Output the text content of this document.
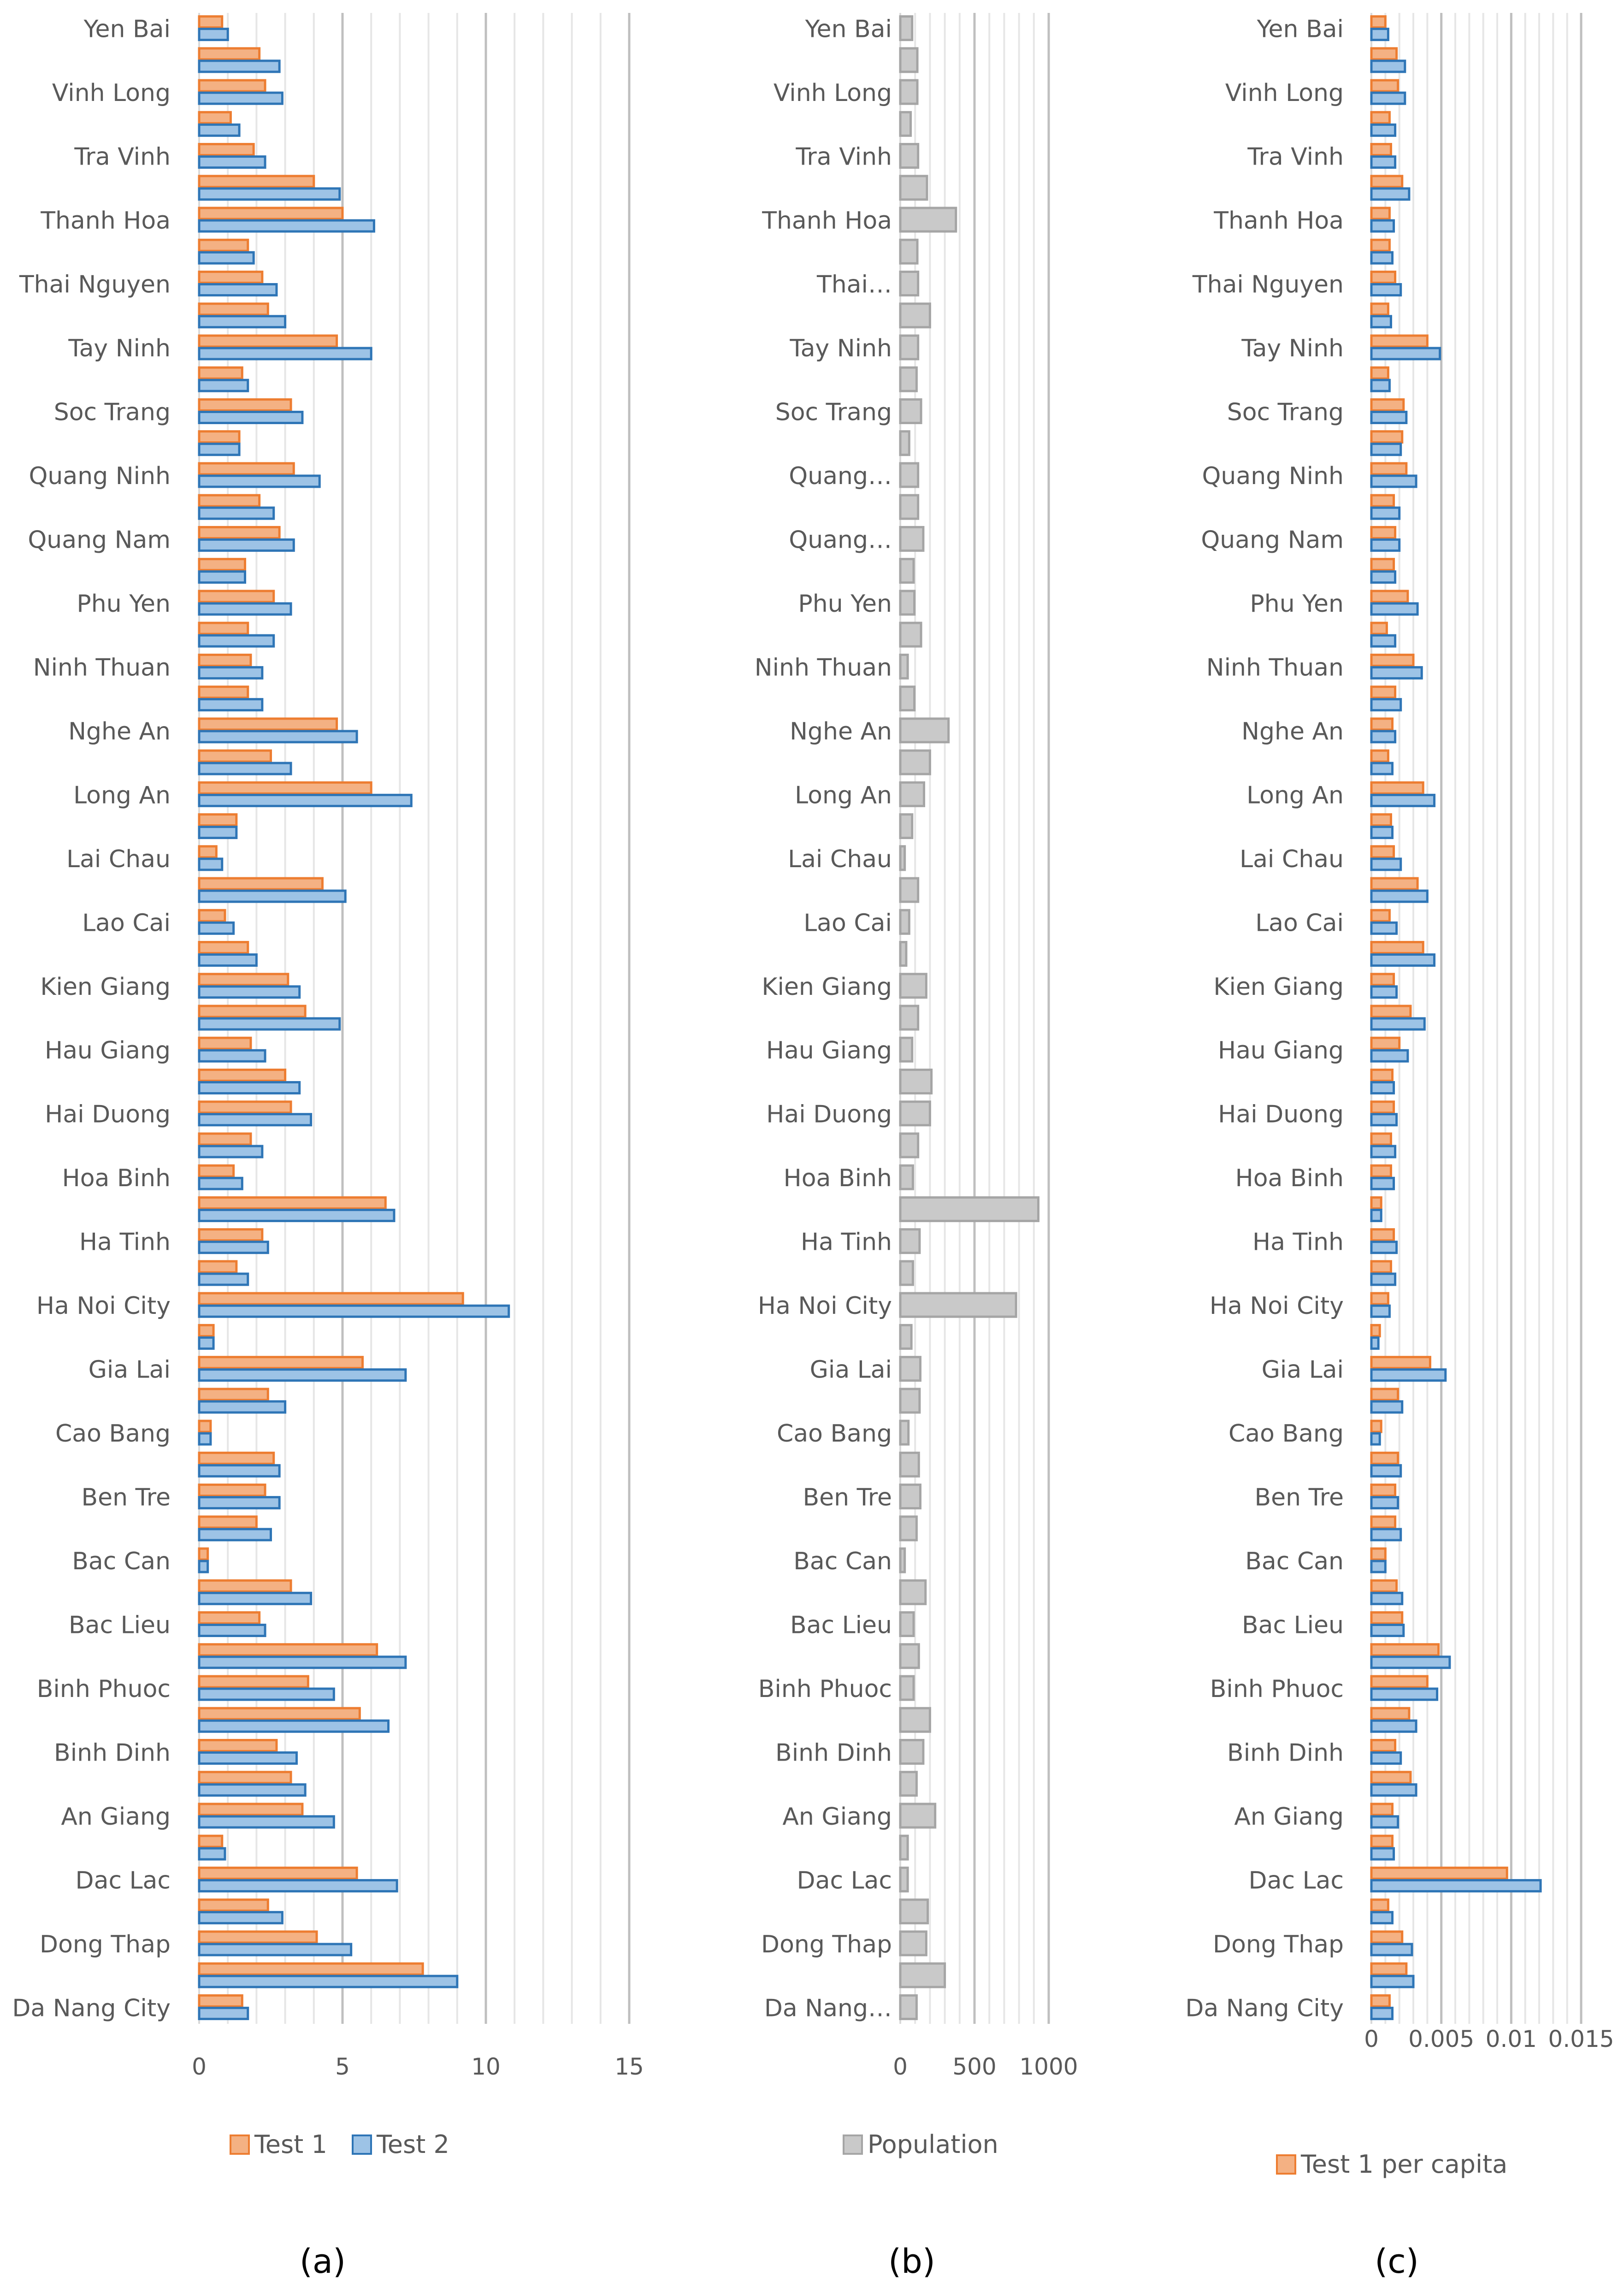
Yen Bai
Vinh Long
Tra Vinh
Thanh Hoa
Thai Nguyen
Tay Ninh
Soc Trang
Quang Ninh
Quang Nam
Phu Yen
Ninh Thuan
Nghe An
Long An
Lai Chau
Lao Cai
Kien Giang
Hau Giang
Hai Duong
Hoa Binh
Ha Tinh
Ha Noi City
Gia Lai
Cao Bang
Ben Tre
Bac Can
Bac Lieu
Binh Phuoc
Binh Dinh
An Giang
Dac Lac
Dong Thap
Da Nang City
0	5	10	15
Yen Bai
Vinh Long
Tra Vinh
Thanh Hoa
Thai…
Tay Ninh
Soc Trang
Quang…
Quang…
Phu Yen
Ninh Thuan
Nghe An
Long An
Lai Chau
Lao Cai
Kien Giang
Hau Giang
Hai Duong
Hoa Binh
Ha Tinh
Ha Noi City
Gia Lai
Cao Bang
Ben Tre
Bac Can
Bac Lieu
Binh Phuoc
Binh Dinh
An Giang
Dac Lac
Dong Thap
Da Nang…
0 500 1000
Yen Bai
Vinh Long
Tra Vinh
Thanh Hoa
Thai Nguyen
Tay Ninh
Soc Trang
Quang Ninh
Quang Nam
Phu Yen
Ninh Thuan
Nghe An
Long An
Lai Chau
Lao Cai
Kien Giang
Hau Giang
Hai Duong
Hoa Binh
Ha Tinh
Ha Noi City
Gia Lai
Cao Bang
Ben Tre
Bac Can
Bac Lieu
Binh Phuoc
Binh Dinh
An Giang
Dac Lac
Dong Thap
Da Nang City
0 0.005 0.01 0.015
Test 1 Test 2	Population
Test 1 per capita
(a)	(b)	(c)
